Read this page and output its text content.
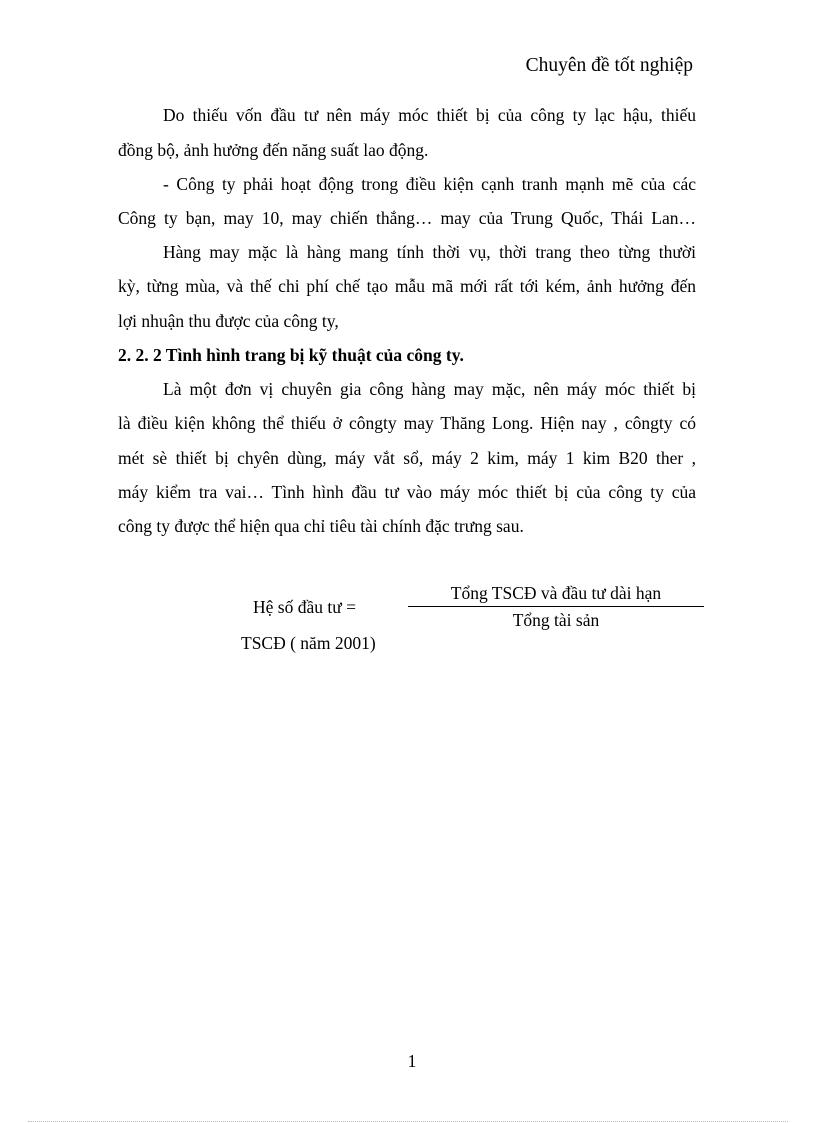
Chuyên đề tốt nghiệp
Do thiếu vốn đầu tư nên máy móc thiết bị của công ty lạc hậu, thiếu
đồng bộ, ảnh hưởng đến năng suất lao động.
- Công ty phải hoạt động trong điều kiện cạnh tranh mạnh mẽ của các
Công ty bạn, may 10, may chiến thắng… may của Trung Quốc, Thái Lan…
Hàng may mặc là hàng mang tính thời vụ, thời trang theo từng thười
kỳ, từng mùa, và thế chi phí chế tạo mẫu mã mới rất tới kém, ảnh hưởng đến
lợi nhuận thu được của công ty,
2. 2. 2 Tình hình trang bị kỹ thuật của công ty.
Là một đơn vị chuyên gia công hàng may mặc, nên máy móc thiết bị
là điều kiện không thể thiếu ở côngty may Thăng Long. Hiện nay , côngty có
mét sè thiết bị chyên dùng, máy vắt sổ, máy 2 kim, máy 1 kim B20 ther ,
máy kiểm tra vai… Tình hình đầu tư vào máy móc thiết bị của công ty của
công ty được thể hiện qua chỉ tiêu tài chính đặc trưng sau.
Hệ số đầu tư =
Tổng TSCĐ và đầu tư dài hạn
Tổng tài sản
TSCĐ ( năm 2001)
1
